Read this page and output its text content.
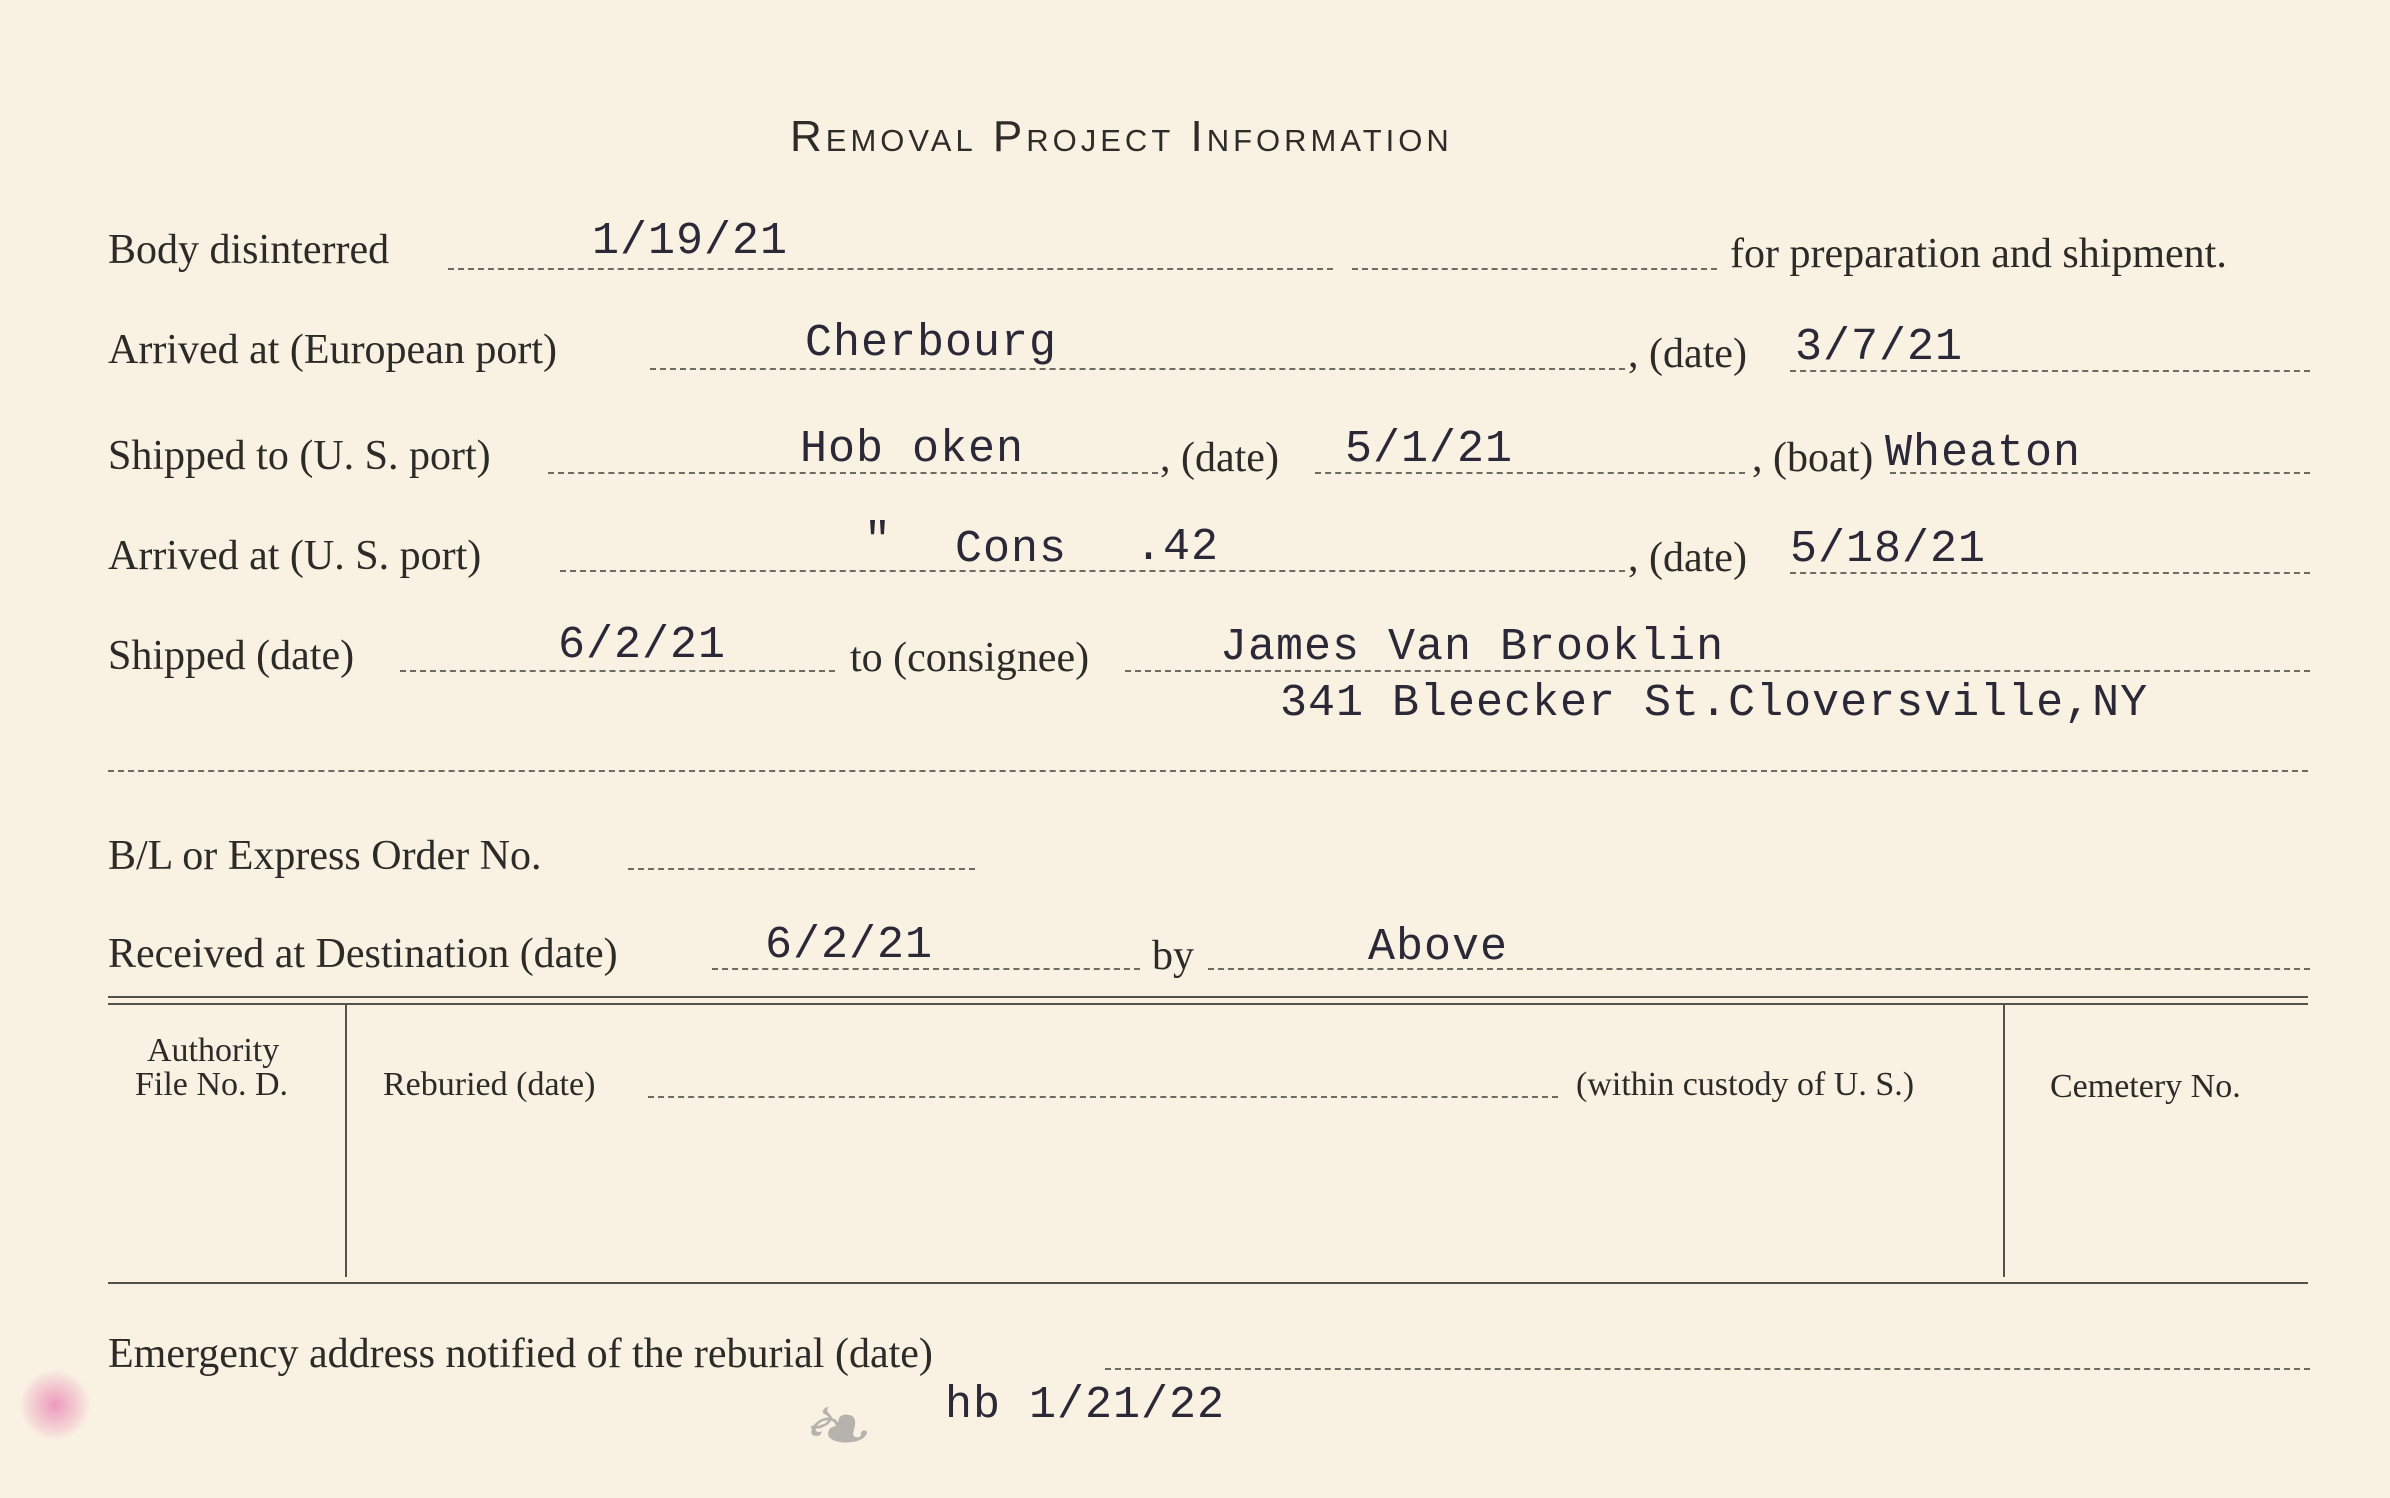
Removal Project Information
Body disinterred	1/19/21	for preparation and shipment.
Arrived at (European port)	Cherbourg	, (date) 3/7/21
Shipped to (U. S. port)	Hob oken	, (date) 5/1/21	, (boat) Wheaton
Arrived at (U. S. port)	" Cons .42	, (date) 5/18/21
Shipped (date)	6/2/21	to (consignee)	James Van Brooklin
341 Bleecker St.Cloversville,NY
B/L or Express Order No.
Received at Destination (date)	6/2/21	by	Above
Authority
File No. D.	Reburied (date)	(within custody of U. S.)	Cemetery No.
Emergency address notified of the reburial (date)
hb 1/21/22
❧
